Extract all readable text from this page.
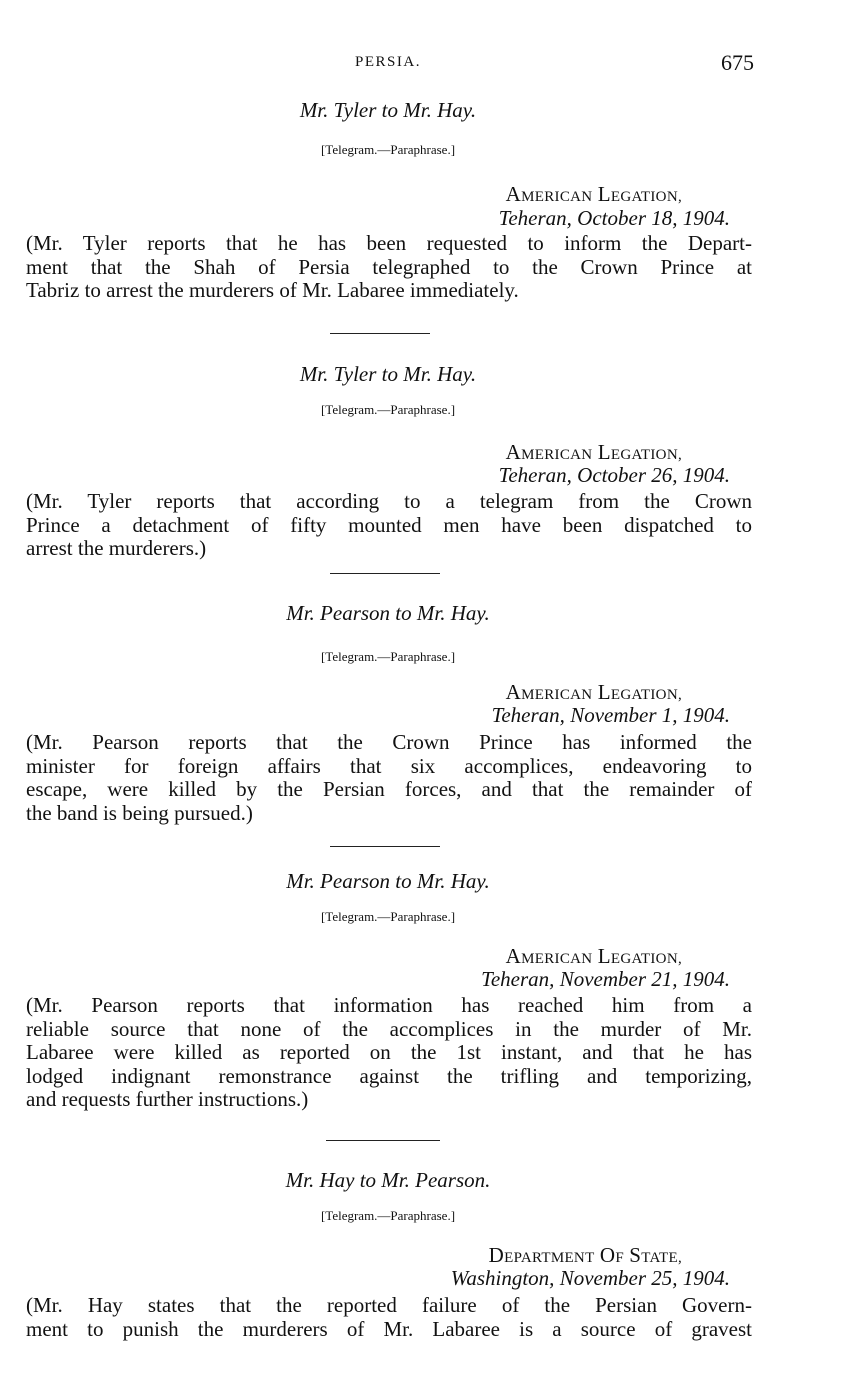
PERSIA.	675
Mr. Tyler to Mr. Hay.
[Telegram.—Paraphrase.]
AMERICAN LEGATION,
Teheran, October 18, 1904.
(Mr. Tyler reports that he has been requested to inform the Depart-
ment that the Shah of Persia telegraphed to the Crown Prince at
Tabriz to arrest the murderers of Mr. Labaree immediately.
Mr. Tyler to Mr. Hay.
[Telegram.—Paraphrase.]
AMERICAN LEGATION,
Teheran, October 26, 1904.
(Mr. Tyler reports that according to a telegram from the Crown
Prince a detachment of fifty mounted men have been dispatched to
arrest the murderers.)
Mr. Pearson to Mr. Hay.
[Telegram.—Paraphrase.]
AMERICAN LEGATION,
Teheran, November 1, 1904.
(Mr. Pearson reports that the Crown Prince has informed the
minister for foreign affairs that six accomplices, endeavoring to
escape, were killed by the Persian forces, and that the remainder of
the band is being pursued.)
Mr. Pearson to Mr. Hay.
[Telegram.—Paraphrase.]
AMERICAN LEGATION,
Teheran, November 21, 1904.
(Mr. Pearson reports that information has reached him from a
reliable source that none of the accomplices in the murder of Mr.
Labaree were killed as reported on the 1st instant, and that he has
lodged indignant remonstrance against the trifling and temporizing,
and requests further instructions.)
Mr. Hay to Mr. Pearson.
[Telegram.—Paraphrase.]
DEPARTMENT OF STATE,
Washington, November 25, 1904.
(Mr. Hay states that the reported failure of the Persian Govern-
ment to punish the murderers of Mr. Labaree is a source of gravest
